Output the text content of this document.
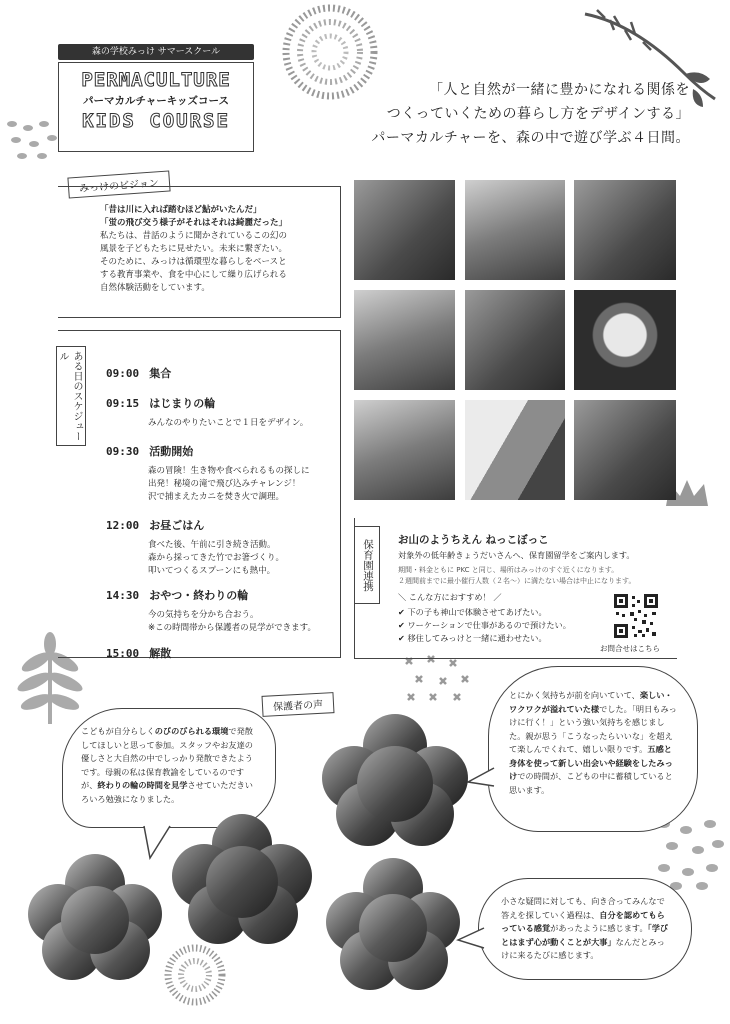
森の学校みっけ サマースクール
PERMACULTURE
パーマカルチャーキッズコース
KIDS COURSE
「人と自然が一緒に豊かになれる関係を
つくっていくための暮らし方をデザインする」
パーマカルチャーを、森の中で遊び学ぶ４日間。
みっけのビジョン
「昔は川に入れば踏むほど鮎がいたんだ」
「蛍の飛び交う様子がそれはそれは綺麗だった」
私たちは、昔話のように聞かされているこの幻の
風景を子どもたちに見せたい。未来に繋ぎたい。
そのために、みっけは循環型な暮らしをベースと
する教育事業や、食を中心にして繰り広げられる
自然体験活動をしています。
ある日のスケジュール
09:00 集合
09:15 はじまりの輪
みんなのやりたいことで１日をデザイン。
09:30 活動開始
森の冒険！生き物や食べられるもの探しに
出発！秘境の滝で飛び込みチャレンジ！
沢で捕まえたカニを焚き火で調理。
12:00 お昼ごはん
食べた後、午前に引き続き活動。
森から採ってきた竹でお箸づくり。
叩いてつくるスプーンにも熱中。
14:30 おやつ・終わりの輪
今の気持ちを分かち合おう。
※この時間帯から保護者の見学ができます。
15:00 解散
保育園連携	お山のようちえん ねっこぼっこ
対象外の低年齢きょうだいさんへ、保育園留学をご案内します。
期間・料金ともに PKC と同じ、場所はみっけのすぐ近くになります。
２週間前までに最小催行人数（２名〜）に満たない場合は中止になります。
＼ こんな方におすすめ！ ／
✔ 下の子も神山で体験させてあげたい。
✔ ワーケーションで仕事があるので預けたい。
✔ 移住してみっけと一緒に通わせたい。
お問合せはこちら
保護者の声
こどもが自分らしくのびのびられる環境で発散してほしいと思って参加。スタッフやお友達の優しさと大自然の中でしっかり発散できたようです。母親の私は保育教諭をしているのですが、終わりの輪の時間を見学させていただきいろいろ勉強になりました。
とにかく気持ちが前を向いていて、楽しい・ワクワクが溢れていた様でした。「明日もみっけに行く！」という強い気持ちを感じました。親が思う「こうなったらいいな」を超えて楽しんでくれて、嬉しい限りです。五感と身体を使って新しい出会いや経験をしたみっけでの時間が、こどもの中に蓄積していると思います。
小さな疑問に対しても、向き合ってみんなで答えを探していく過程は、自分を認めてもらっている感覚があったように感じます。「学びとはまず心が動くことが大事」なんだとみっけに来るたびに感じます。
